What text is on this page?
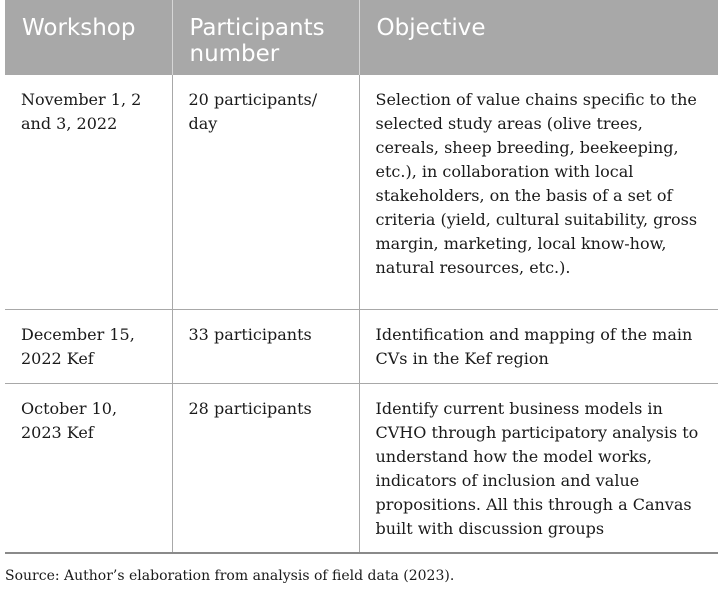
Workshop	Participants number	Objective
November 1, 2 and 3, 2022	20 participants/ day	Selection of value chains specific to the selected study areas (olive trees, cereals, sheep breeding, beekeeping, etc.), in collaboration with local stakeholders, on the basis of a set of criteria (yield, cultural suitability, gross margin, marketing, local know-how, natural resources, etc.).
December 15, 2022 Kef	33 participants	Identification and mapping of the main CVs in the Kef region
October 10, 2023 Kef	28 participants	Identify current business models in CVHO through participatory analysis to understand how the model works, indicators of inclusion and value propositions. All this through a Canvas built with discussion groups
Source: Author’s elaboration from analysis of field data (2023).
